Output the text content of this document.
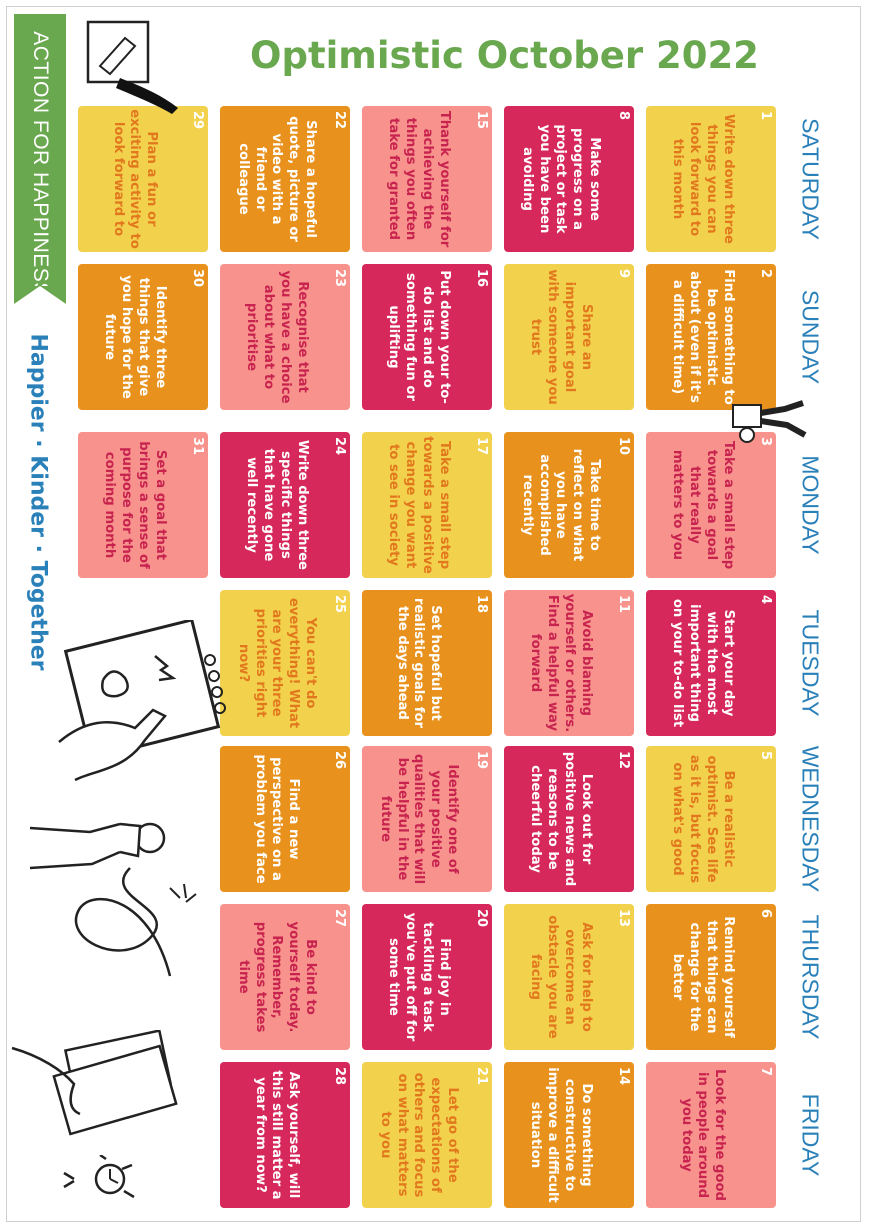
ACTION FOR HAPPINESS	Optimistic October 2022
Happier · Kinder · Together
SATURDAY
SUNDAY
MONDAY
TUESDAY
WEDNESDAY
THURSDAY
FRIDAY
1
Write down three things you can look forward to this month
2
Find something to be optimistic about (even if it's a difficult time)
3
Take a small step towards a goal that really matters to you
4
Start your day with the most important thing on your to-do list
5
Be a realistic optimist. See life as it is, but focus on what's good
6
Remind yourself that things can change for the better
7
Look for the good in people around you today
8
Make some progress on a project or task you have been avoiding
9
Share an important goal with someone you trust
10
Take time to reflect on what you have accomplished recently
11
Avoid blaming yourself or others. Find a helpful way forward
12
Look out for positive news and reasons to be cheerful today
13
Ask for help to overcome an obstacle you are facing
14
Do something constructive to improve a difficult situation
15
Thank yourself for achieving the things you often take for granted
16
Put down your to-do list and do something fun or uplifting
17
Take a small step towards a positive change you want to see in society
18
Set hopeful but realistic goals for the days ahead
19
Identify one of your positive qualities that will be helpful in the future
20
Find joy in tackling a task you've put off for some time
21
Let go of the expectations of others and focus on what matters to you
22
Share a hopeful quote, picture or video with a friend or colleague
23
Recognise that you have a choice about what to prioritise
24
Write down three specific things that have gone well recently
25
You can't do everything! What are your three priorities right now?
26
Find a new perspective on a problem you face
27
Be kind to yourself today. Remember, progress takes time
28
Ask yourself, will this still matter a year from now?
29
Plan a fun or exciting activity to look forward to
30
Identify three things that give you hope for the future
31
Set a goal that brings a sense of purpose for the coming month
